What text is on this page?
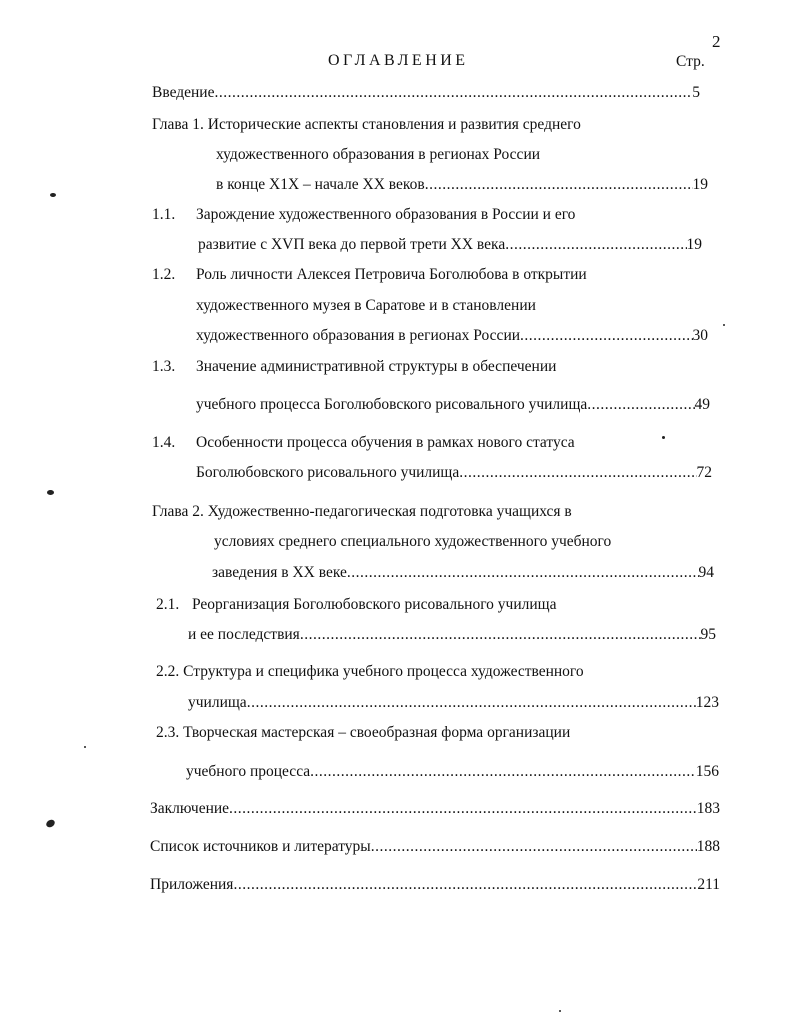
2
ОГЛАВЛЕНИЕ	Стр.
Введение .....	5
Глава 1. Исторические аспекты становления и развития среднего
художественного образования в регионах России
в конце Х1Х – начале ХХ веков .....	19
1.1. Зарождение художественного образования в России и его
развитие с ХVП века до первой трети ХХ века .....	19
1.2. Роль личности Алексея Петровича Боголюбова в открытии
художественного музея в Саратове и в становлении
художественного образования в регионах России .....	30
1.3. Значение административной структуры в обеспечении
учебного процесса Боголюбовского рисовального училища .....	49
1.4. Особенности процесса обучения в рамках нового статуса
Боголюбовского рисовального училища .....	72
Глава 2. Художественно-педагогическая подготовка учащихся в
условиях среднего специального художественного учебного
заведения в ХХ веке .....	94
2.1. Реорганизация Боголюбовского рисовального училища
и ее последствия .....	95
2.2. Структура и специфика учебного процесса художественного
училища .....	123
2.3. Творческая мастерская – своеобразная форма организации
учебного процесса .....	156
Заключение .....	183
Список источников и литературы .....	188
Приложения .....	211
